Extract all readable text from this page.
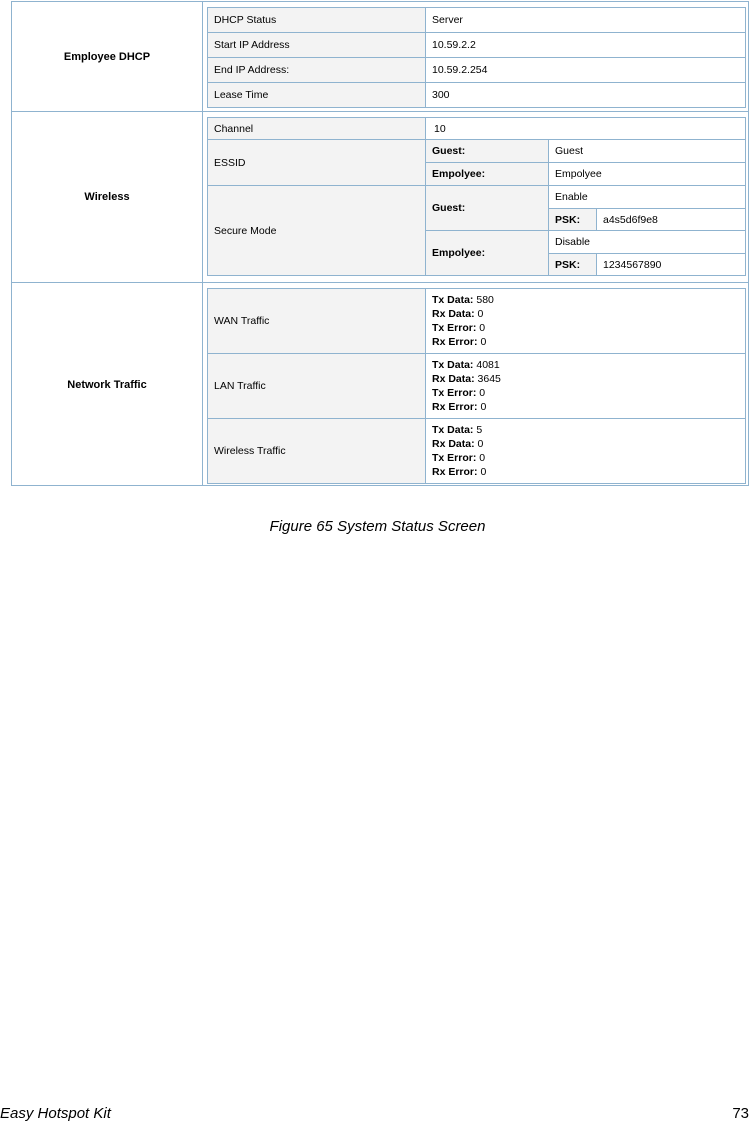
Employee DHCP
DHCP Status	Server
Start IP Address	10.59.2.2
End IP Address:	10.59.2.254
Lease Time	300
Wireless
Channel	10		
ESSID	Guest:	Guest	
	Empolyee:	Empolyee	
Secure Mode	Guest:	Enable	
		PSK:	a4s5d6f9e8
	Empolyee:	Disable	
		PSK:	1234567890
Network Traffic
WAN Traffic	Tx Data: 580
Rx Data: 0
Tx Error: 0
Rx Error: 0

LAN Traffic	Tx Data: 4081
Rx Data: 3645
Tx Error: 0
Rx Error: 0

Wireless Traffic	Tx Data: 5
Rx Data: 0
Tx Error: 0
Rx Error: 0
Figure 65 System Status Screen
Easy Hotspot Kit	73
